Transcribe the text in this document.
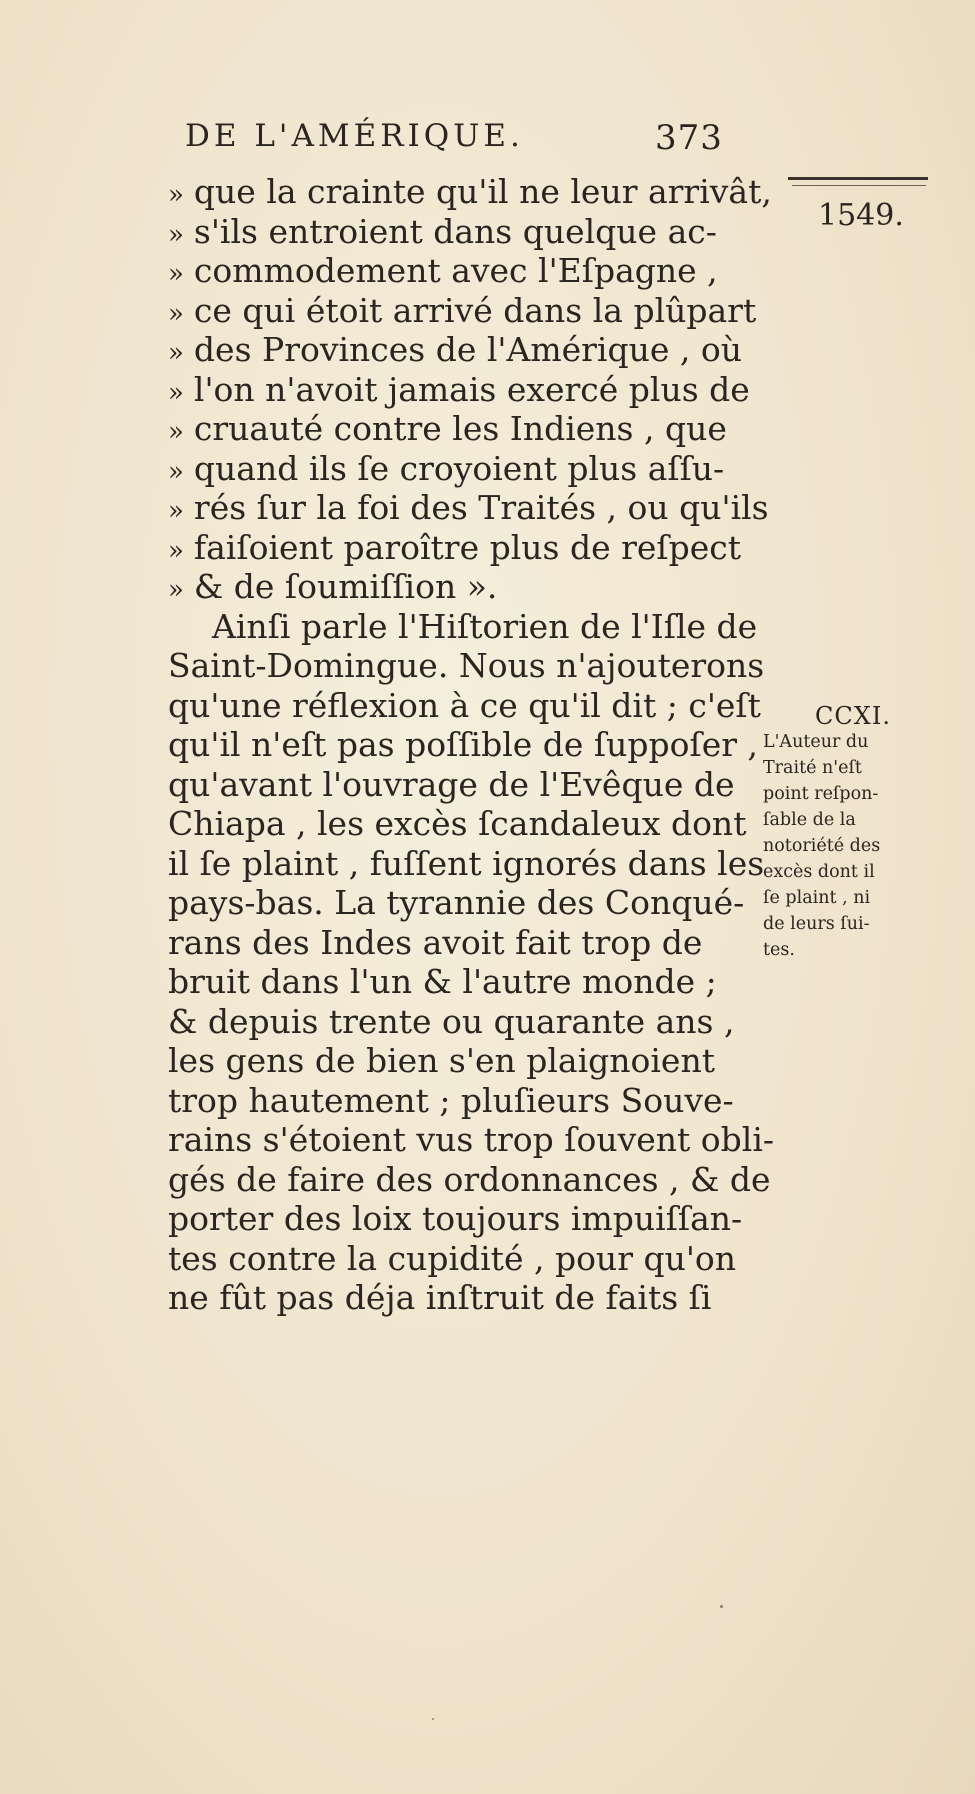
DE L'AMÉRIQUE.	373
1549.
» que la crainte qu'il ne leur arrivât,
» s'ils entroient dans quelque ac-
» commodement avec l'Eſpagne ,
» ce qui étoit arrivé dans la plûpart
» des Provinces de l'Amérique , où
» l'on n'avoit jamais exercé plus de
» cruauté contre les Indiens , que
» quand ils ſe croyoient plus aſſu-
» rés ſur la foi des Traités , ou qu'ils
» faiſoient paroître plus de reſpect
» & de ſoumiſſion ».
Ainſi parle l'Hiſtorien de l'Iſle de
Saint-Domingue. Nous n'ajouterons
qu'une réflexion à ce qu'il dit ; c'eſt
qu'il n'eſt pas poſſible de ſuppoſer ,
qu'avant l'ouvrage de l'Evêque de
Chiapa , les excès ſcandaleux dont
il ſe plaint , fuſſent ignorés dans les
pays-bas. La tyrannie des Conqué-
rans des Indes avoit fait trop de
bruit dans l'un & l'autre monde ;
& depuis trente ou quarante ans ,
les gens de bien s'en plaignoient
trop hautement ; pluſieurs Souve-
rains s'étoient vus trop ſouvent obli-
gés de faire des ordonnances , & de
porter des loix toujours impuiſſan-
tes contre la cupidité , pour qu'on
ne fût pas déja inſtruit de faits ſi
CCXI.
L'Auteur du
Traité n'eſt
point reſpon-
ſable de la
notoriété des
excès dont il
ſe plaint , ni
de leurs ſui-
tes.
